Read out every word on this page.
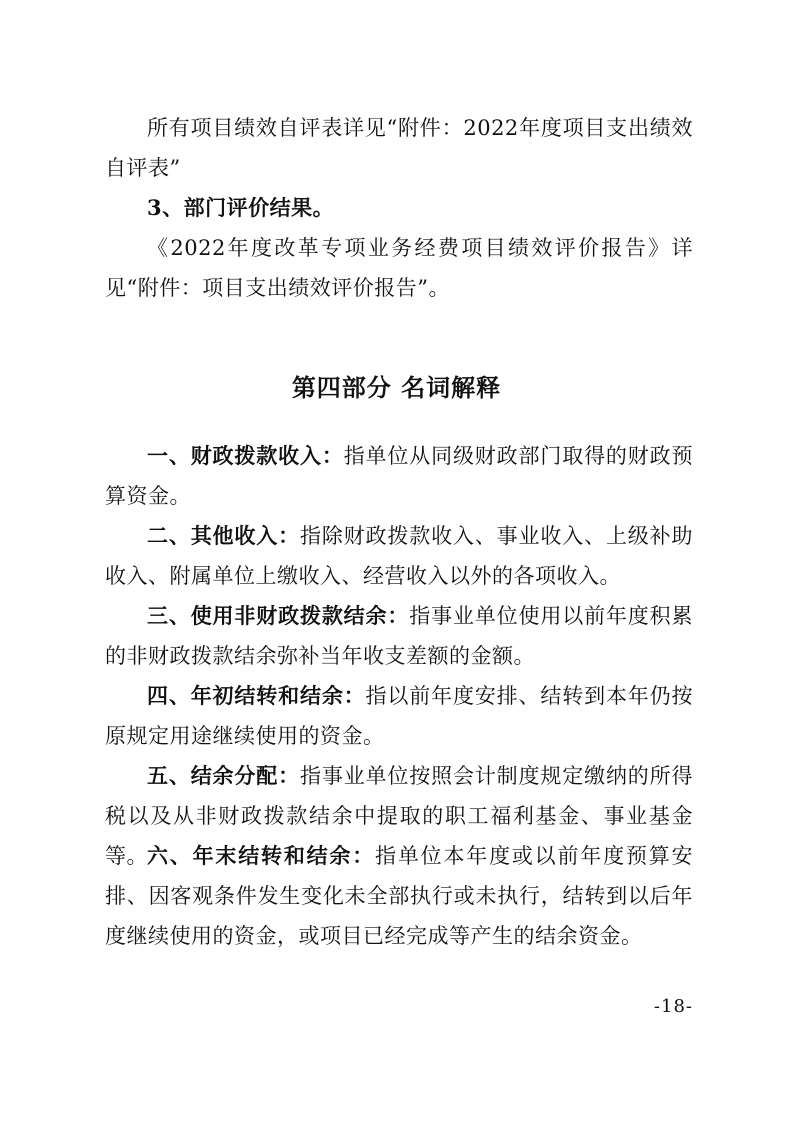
所有项目绩效自评表详见“附件：2022年度项目支出绩效自评表”

3、部门评价结果。

《2022年度改革专项业务经费项目绩效评价报告》详见“附件：项目支出绩效评价报告”。

第四部分 名词解释

一、财政拨款收入：指单位从同级财政部门取得的财政预算资金。

二、其他收入：指除财政拨款收入、事业收入、上级补助收入、附属单位上缴收入、经营收入以外的各项收入。

三、使用非财政拨款结余：指事业单位使用以前年度积累的非财政拨款结余弥补当年收支差额的金额。

四、年初结转和结余：指以前年度安排、结转到本年仍按原规定用途继续使用的资金。

五、结余分配：指事业单位按照会计制度规定缴纳的所得税以及从非财政拨款结余中提取的职工福利基金、事业基金等。 六、年末结转和结余：指单位本年度或以前年度预算安排、因客观条件发生变化未全部执行或未执行，结转到以后年度继续使用的资金，或项目已经完成等产生的结余资金。

-18-
